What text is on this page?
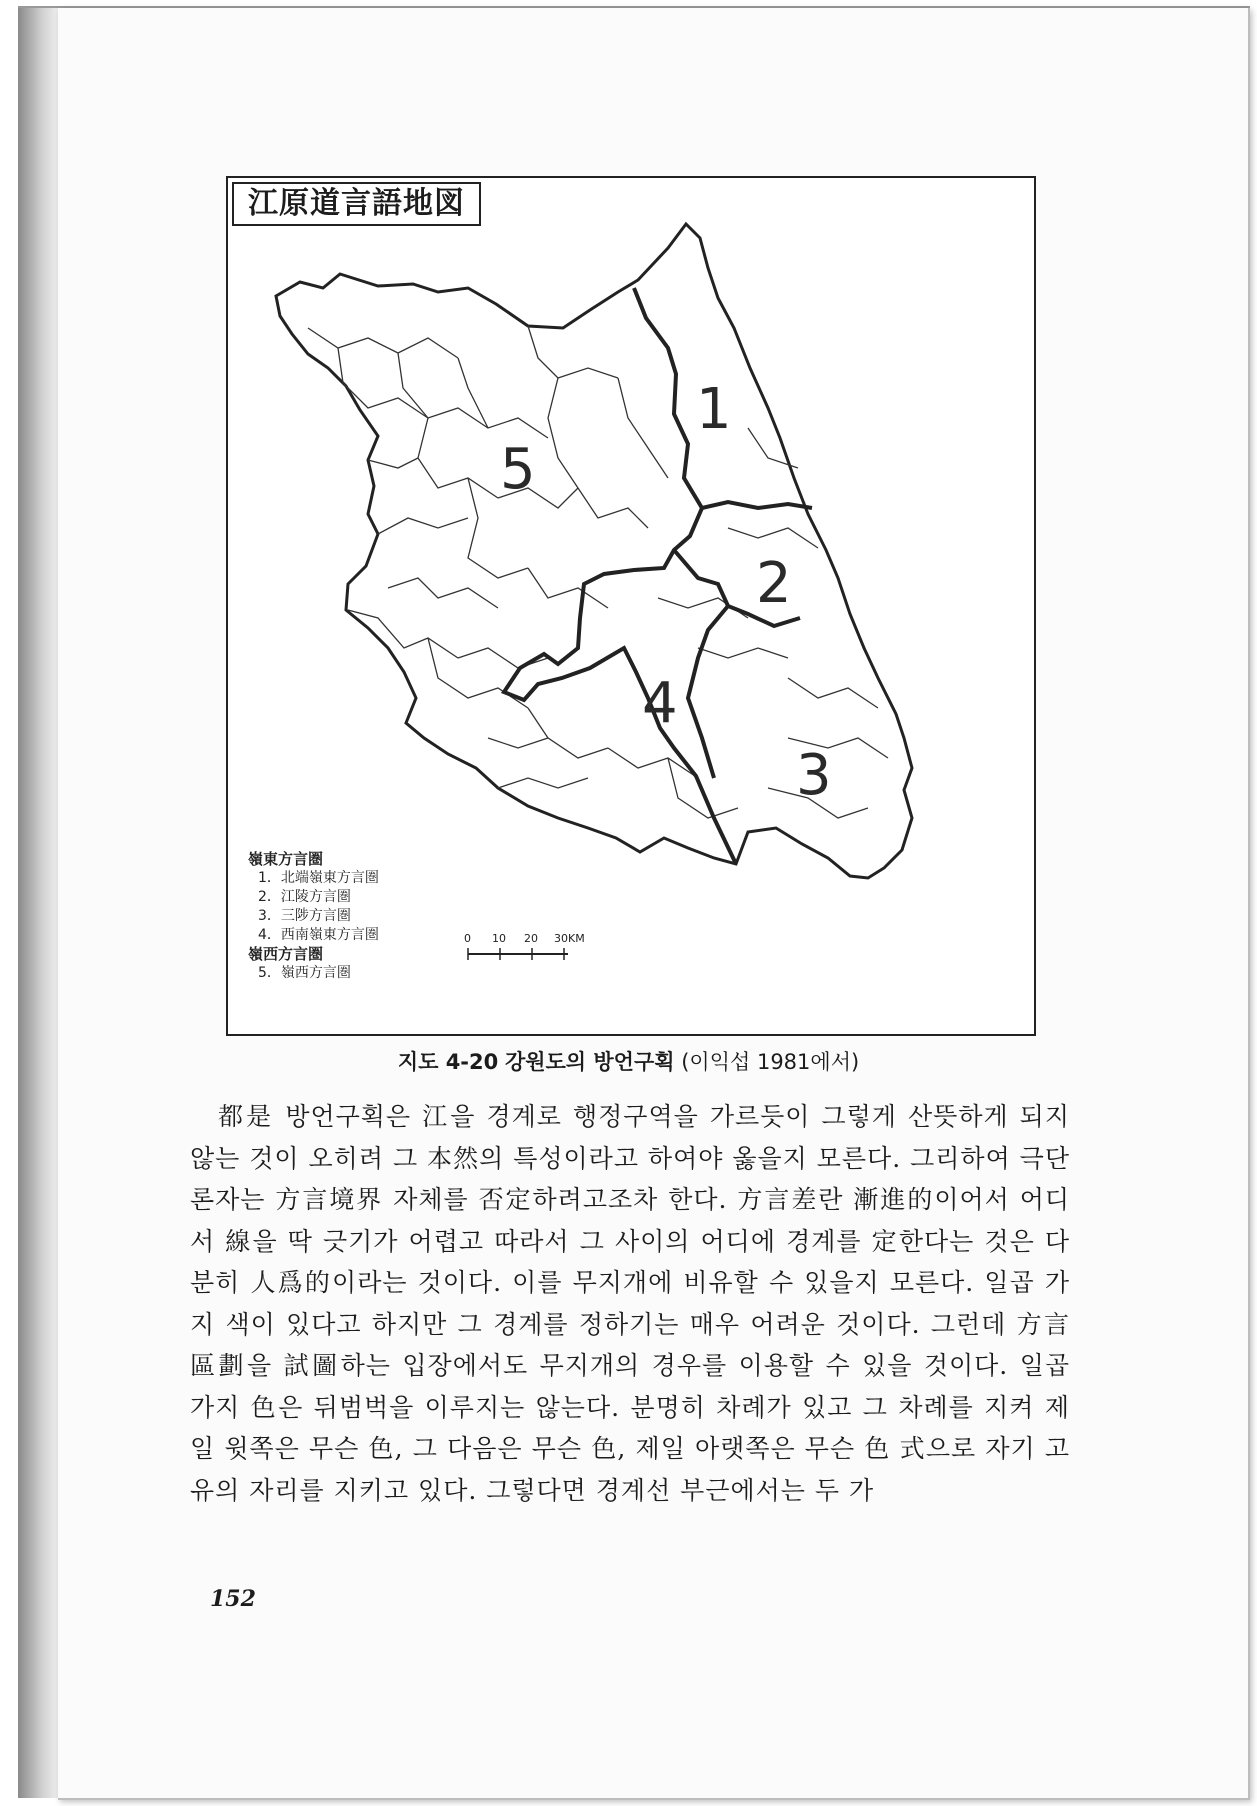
1
2
3
4
5
0 10 20 30KM
江原道言語地図
嶺東方言圏
1．北端嶺東方言圏
2．江陵方言圏
3．三陟方言圏
4．西南嶺東方言圏
嶺西方言圏
5．嶺西方言圏
지도 4-20 강원도의 방언구획 (이익섭 1981에서)

都是 방언구획은 江을 경계로 행정구역을 가르듯이 그렇게 산뜻하게 되지 않는 것이 오히려 그 本然의 특성이라고 하여야 옳을지 모른다. 그리하여 극단론자는 方言境界 자체를 否定하려고조차 한다. 方言差란 漸進的이어서 어디서 線을 딱 긋기가 어렵고 따라서 그 사이의 어디에 경계를 定한다는 것은 다분히 人爲的이라는 것이다. 이를 무지개에 비유할 수 있을지 모른다. 일곱 가지 색이 있다고 하지만 그 경계를 정하기는 매우 어려운 것이다. 그런데 方言區劃을 試圖하는 입장에서도 무지개의 경우를 이용할 수 있을 것이다. 일곱 가지 色은 뒤범벅을 이루지는 않는다. 분명히 차례가 있고 그 차례를 지켜 제일 윗쪽은 무슨 色, 그 다음은 무슨 色, 제일 아랫쪽은 무슨 色 式으로 자기 고유의 자리를 지키고 있다. 그렇다면 경계선 부근에서는 두 가

152
